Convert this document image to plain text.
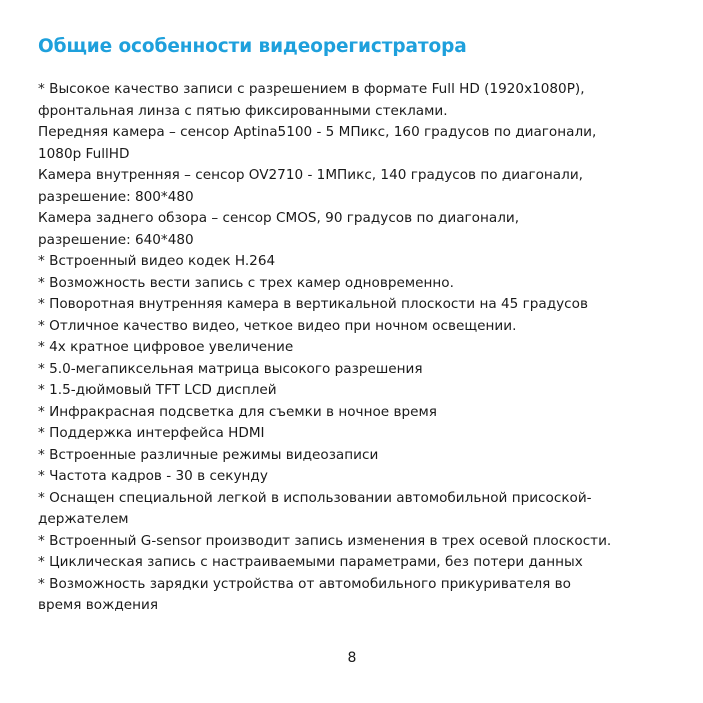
Общие особенности видеорегистратора
* Высокое качество записи с разрешением в формате Full HD (1920x1080P),
фронтальная линза с пятью фиксированными стеклами.
Передняя камера – сенсор Aptina5100 - 5 МПикс, 160 градусов по диагонали,
1080p FullHD
Камера внутренняя – сенсор OV2710 - 1МПикс, 140 градусов по диагонали,
разрешение: 800*480
Камера заднего обзора – сенсор CMOS, 90 градусов по диагонали,
разрешение: 640*480
* Встроенный видео кодек H.264
* Возможность вести запись с трех камер одновременно.
* Поворотная внутренняя камера в вертикальной плоскости на 45 градусов
* Отличное качество видео, четкое видео при ночном освещении.
* 4x кратное цифровое увеличение
* 5.0-мегапиксельная матрица высокого разрешения
* 1.5-дюймовый TFT LCD дисплей
* Инфракрасная подсветка для съемки в ночное время
* Поддержка интерфейса HDMI
* Встроенные различные режимы видеозаписи
* Частота кадров - 30 в секунду
* Оснащен специальной легкой в использовании автомобильной присоской-
держателем
* Встроенный G-sensor производит запись изменения в трех осевой плоскости.
* Циклическая запись с настраиваемыми параметрами, без потери данных
* Возможность зарядки устройства от автомобильного прикуривателя во
время вождения
8
